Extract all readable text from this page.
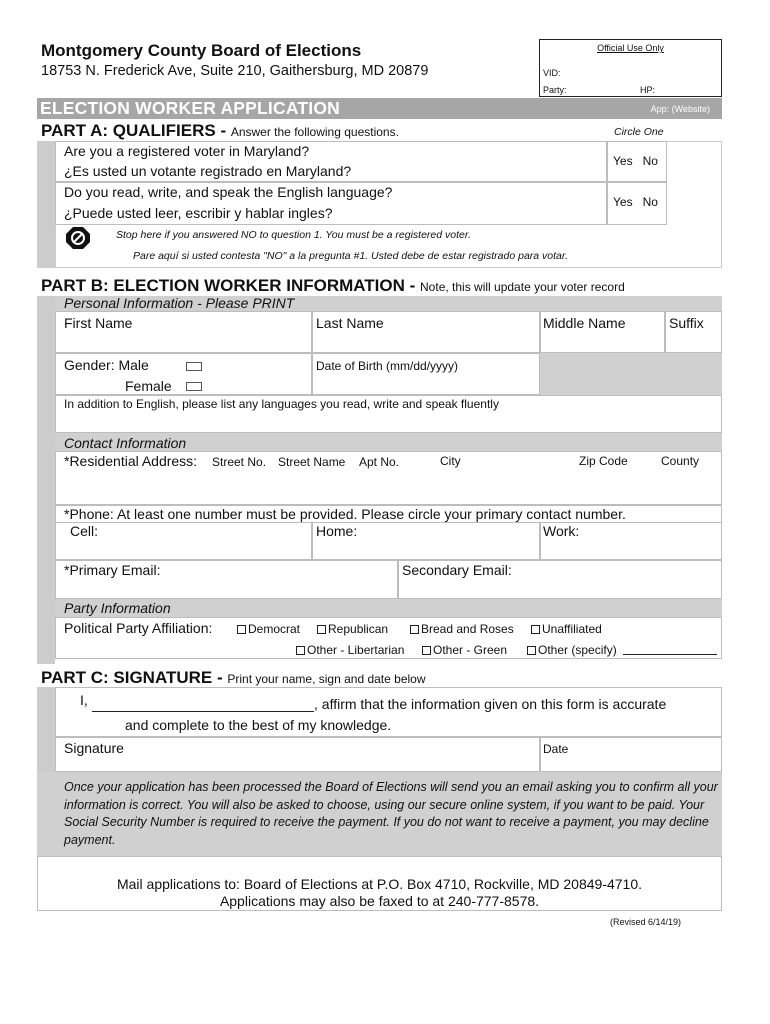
Montgomery County Board of Elections
18753 N. Frederick Ave, Suite 210, Gaithersburg, MD 20879
Official Use Only
VID:
Party:	HP:
ELECTION WORKER APPLICATION	App: (Website)
PART A: QUALIFIERS - Answer the following questions.	Circle One
Are you a registered voter in Maryland?
¿Es usted un votante registrado en Maryland?
Yes   No
Do you read, write, and speak the English language?
¿Puede usted leer, escribir y hablar ingles?
Yes   No
Stop here if you answered NO to question 1. You must be a registered voter.
Pare aquí si usted contesta "NO" a la pregunta #1. Usted debe de estar registrado para votar.
PART B: ELECTION WORKER INFORMATION - Note, this will update your voter record
Personal Information - Please PRINT
First Name	Last Name	Middle Name	Suffix
Gender: Male
Female
Date of Birth (mm/dd/yyyy)
In addition to English, please list any languages you read, write and speak fluently
Contact Information
*Residential Address: Street No. Street Name Apt No.	City	Zip Code	County
*Phone: At least one number must be provided. Please circle your primary contact number.
Cell:	Home:	Work:
*Primary Email:	Secondary Email:
Party Information
Political Party Affiliation:	Democrat	Republican	Bread and Roses	Unaffiliated
Other - Libertarian	Other - Green	Other (specify)
PART C: SIGNATURE - Print your name, sign and date below
I,	, affirm that the information given on this form is accurate
and complete to the best of my knowledge.
Signature	Date
Once your application has been processed the Board of Elections will send you an email asking you to confirm all your information is correct. You will also be asked to choose, using our secure online system, if you want to be paid. Your Social Security Number is required to receive the payment. If you do not want to receive a payment, you may decline payment.
Mail applications to: Board of Elections at P.O. Box 4710, Rockville, MD 20849-4710.
Applications may also be faxed to at 240-777-8578.
(Revised 6/14/19)
